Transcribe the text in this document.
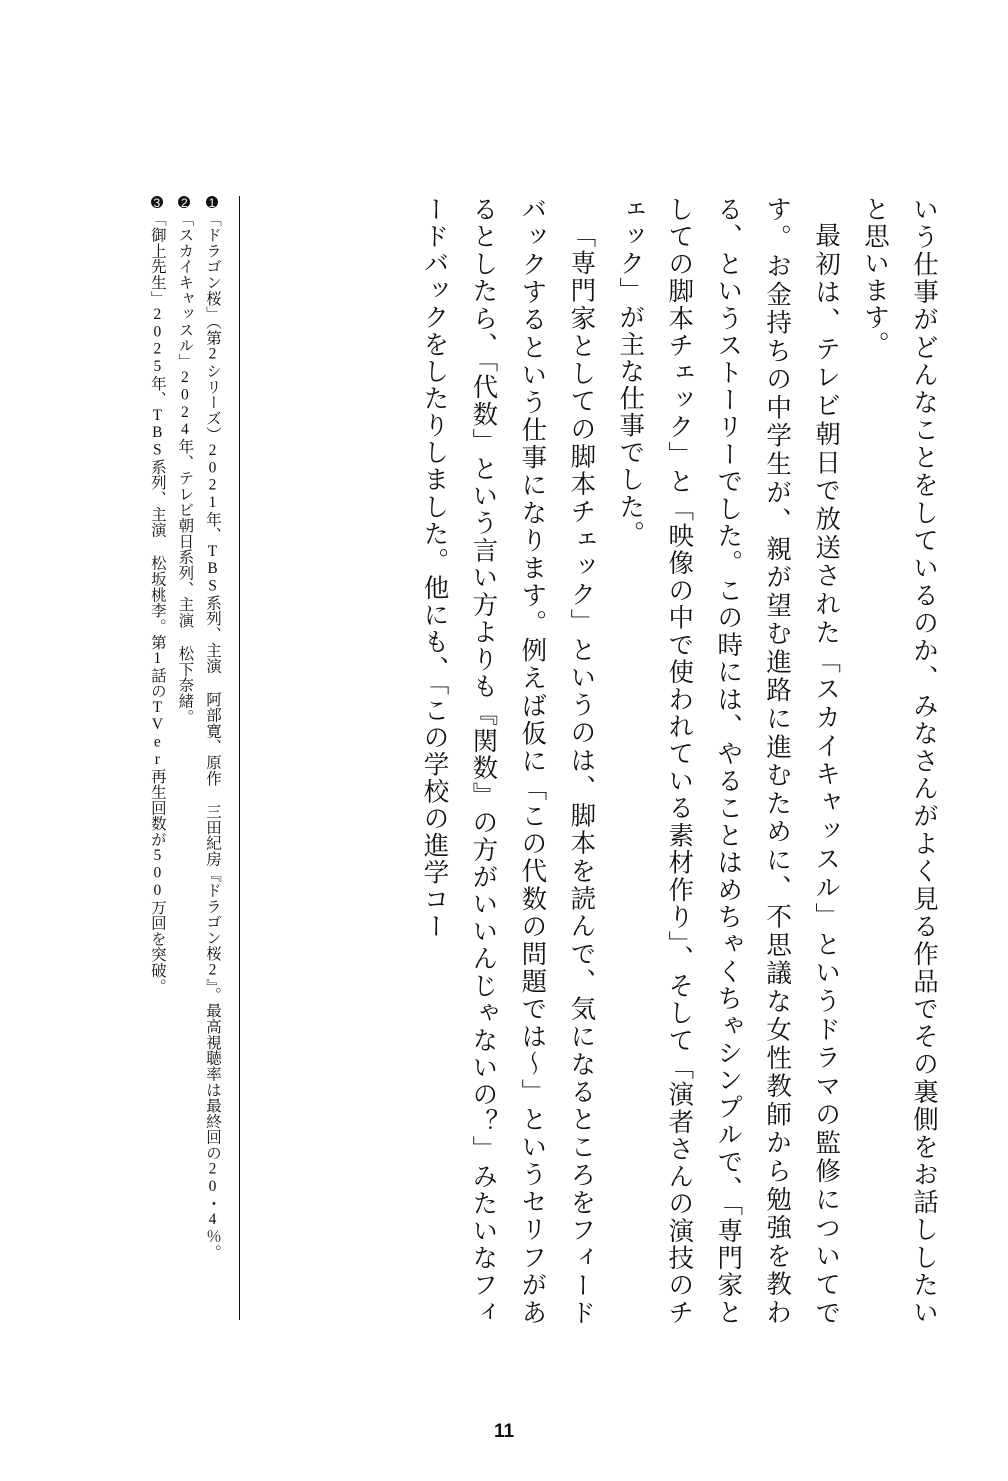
いう仕事がどんなことをしているのか、みなさんがよく見る作品でその裏側をお話ししたいと思います。

最初は、テレビ朝日で放送された「スカイキャッスル」というドラマの監修についてです。お金持ちの中学生が、親が望む進路に進むために、不思議な女性教師から勉強を教わる、というストーリーでした。この時には、やることはめちゃくちゃシンプルで、「専門家としての脚本チェック」と「映像の中で使われている素材作り」、そして「演者さんの演技のチェック」が主な仕事でした。

「専門家としての脚本チェック」というのは、脚本を読んで、気になるところをフィードバックするという仕事になります。例えば仮に「この代数の問題では〜」というセリフがあるとしたら、「代数」という言い方よりも『関数』の方がいいんじゃないの？」みたいなフィードバックをしたりしました。他にも、「この学校の進学コー

1「ドラゴン桜」（第2シリーズ）2021年、TBS系列、主演 阿部寛、原作 三田紀房『ドラゴン桜2』。最高視聴率は最終回の20・4％。

2「スカイキャッスル」2024年、テレビ朝日系列、主演 松下奈緒。

3「御上先生」2025年、TBS系列、主演 松坂桃李。第1話のTVer再生回数が500万回を突破。

11
